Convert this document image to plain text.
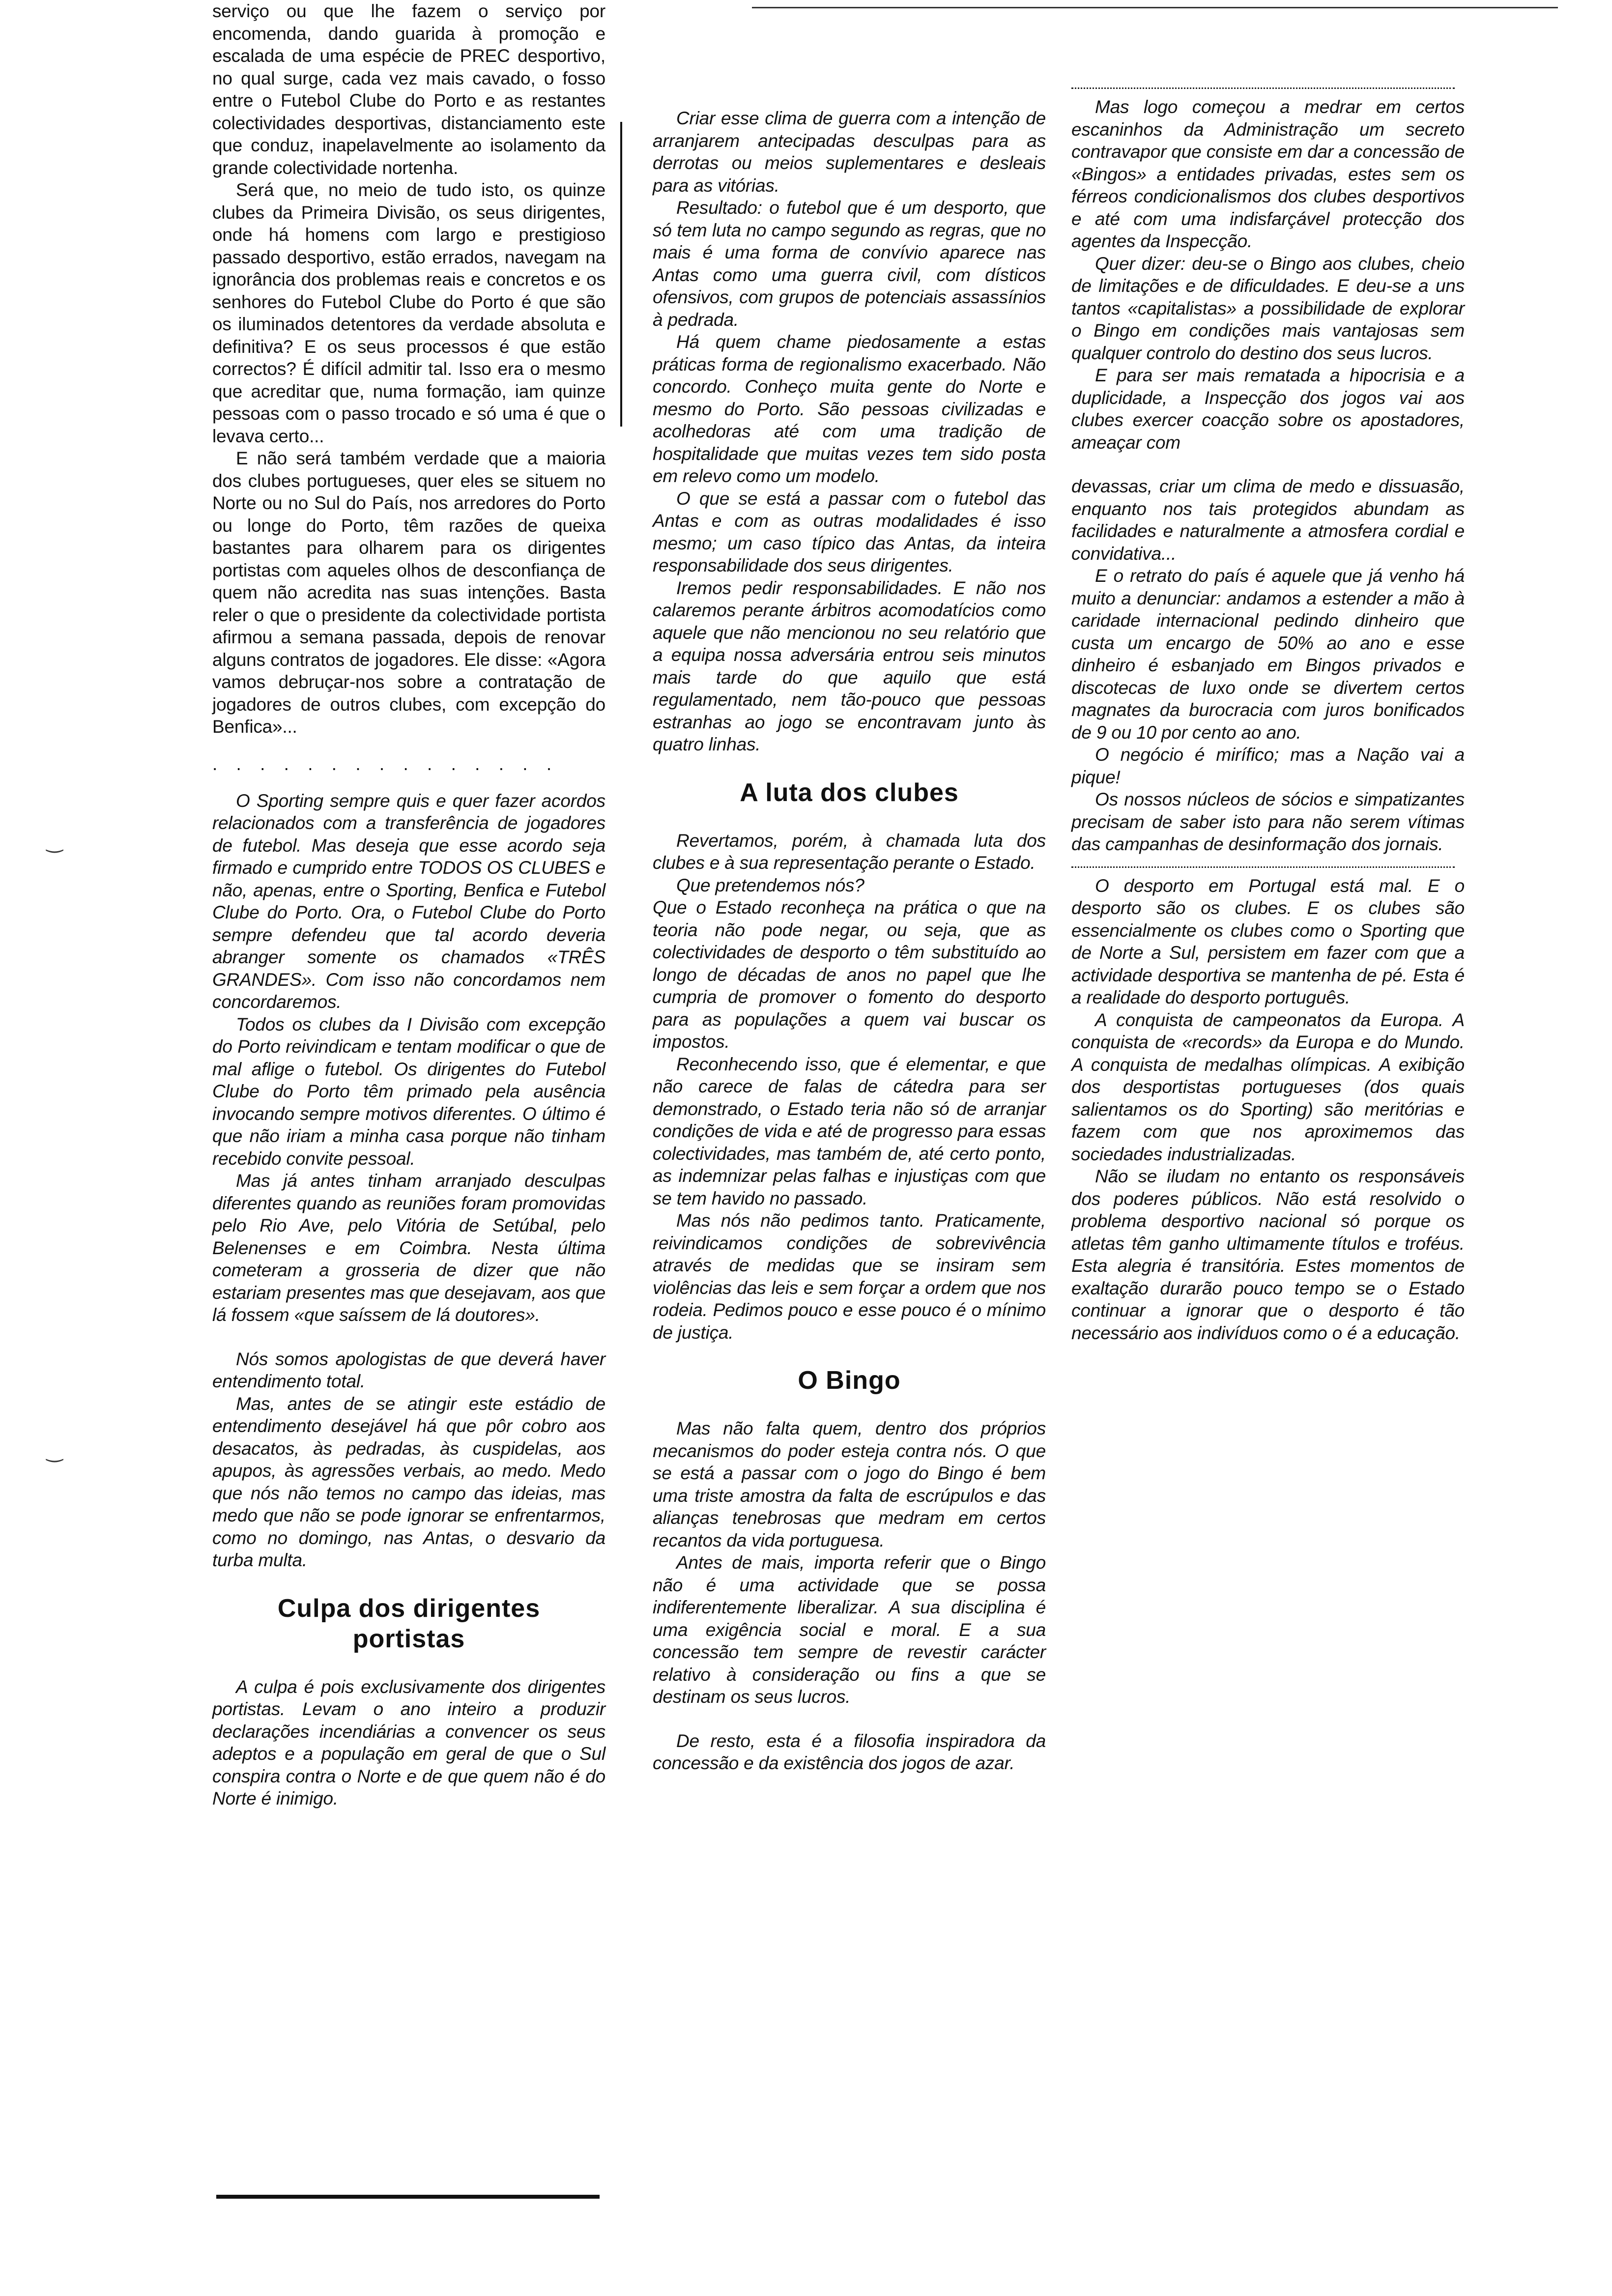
serviço ou que lhe fazem o serviço por encomenda, dando guarida à promoção e escalada de uma espécie de PREC desportivo, no qual surge, cada vez mais cavado, o fosso entre o Futebol Clube do Porto e as restantes colectividades desportivas, distanciamento este que conduz, inapelavelmente ao isolamento da grande colectividade nortenha.

Será que, no meio de tudo isto, os quinze clubes da Primeira Divisão, os seus dirigentes, onde há homens com largo e prestigioso passado desportivo, estão errados, navegam na ignorância dos problemas reais e concretos e os senhores do Futebol Clube do Porto é que são os iluminados detentores da verdade absoluta e definitiva? E os seus processos é que estão correctos? É difícil admitir tal. Isso era o mesmo que acreditar que, numa formação, iam quinze pessoas com o passo trocado e só uma é que o levava certo...

E não será também verdade que a maioria dos clubes portugueses, quer eles se situem no Norte ou no Sul do País, nos arredores do Porto ou longe do Porto, têm razões de queixa bastantes para olharem para os dirigentes portistas com aqueles olhos de desconfiança de quem não acredita nas suas intenções. Basta reler o que o presidente da colectividade portista afirmou a semana passada, depois de renovar alguns contratos de jogadores. Ele disse: «Agora vamos debruçar-nos sobre a contratação de jogadores de outros clubes, com excepção do Benfica»...

. . . . . . . . . . . . . . .

O Sporting sempre quis e quer fazer acordos relacionados com a transferência de jogadores de futebol. Mas deseja que esse acordo seja firmado e cumprido entre TODOS OS CLUBES e não, apenas, entre o Sporting, Benfica e Futebol Clube do Porto. Ora, o Futebol Clube do Porto sempre defendeu que tal acordo deveria abranger somente os chamados «TRÊS GRANDES». Com isso não concordamos nem concordaremos.

Todos os clubes da I Divisão com excepção do Porto reivindicam e tentam modificar o que de mal aflige o futebol. Os dirigentes do Futebol Clube do Porto têm primado pela ausência invocando sempre motivos diferentes. O último é que não iriam a minha casa porque não tinham recebido convite pessoal.

Mas já antes tinham arranjado desculpas diferentes quando as reuniões foram promovidas pelo Rio Ave, pelo Vitória de Setúbal, pelo Belenenses e em Coimbra. Nesta última cometeram a grosseria de dizer que não estariam presentes mas que desejavam, aos que lá fossem «que saíssem de lá doutores».

Nós somos apologistas de que deverá haver entendimento total.

Mas, antes de se atingir este estádio de entendimento desejável há que pôr cobro aos desacatos, às pedradas, às cuspidelas, aos apupos, às agressões verbais, ao medo. Medo que nós não temos no campo das ideias, mas medo que não se pode ignorar se enfrentarmos, como no domingo, nas Antas, o desvario da turba multa.

Culpa dos dirigentes portistas

A culpa é pois exclusivamente dos dirigentes portistas. Levam o ano inteiro a produzir declarações incendiárias a convencer os seus adeptos e a população em geral de que o Sul conspira contra o Norte e de que quem não é do Norte é inimigo.

Criar esse clima de guerra com a intenção de arranjarem antecipadas desculpas para as derrotas ou meios suplementares e desleais para as vitórias.

Resultado: o futebol que é um desporto, que só tem luta no campo segundo as regras, que no mais é uma forma de convívio aparece nas Antas como uma guerra civil, com dísticos ofensivos, com grupos de potenciais assassínios à pedrada.

Há quem chame piedosamente a estas práticas forma de regionalismo exacerbado. Não concordo. Conheço muita gente do Norte e mesmo do Porto. São pessoas civilizadas e acolhedoras até com uma tradição de hospitalidade que muitas vezes tem sido posta em relevo como um modelo.

O que se está a passar com o futebol das Antas e com as outras modalidades é isso mesmo; um caso típico das Antas, da inteira responsabilidade dos seus dirigentes.

Iremos pedir responsabilidades. E não nos calaremos perante árbitros acomodatícios como aquele que não mencionou no seu relatório que a equipa nossa adversária entrou seis minutos mais tarde do que aquilo que está regulamentado, nem tão-pouco que pessoas estranhas ao jogo se encontravam junto às quatro linhas.

A luta dos clubes

Revertamos, porém, à chamada luta dos clubes e à sua representação perante o Estado.

Que pretendemos nós?

Que o Estado reconheça na prática o que na teoria não pode negar, ou seja, que as colectividades de desporto o têm substituído ao longo de décadas de anos no papel que lhe cumpria de promover o fomento do desporto para as populações a quem vai buscar os impostos.

Reconhecendo isso, que é elementar, e que não carece de falas de cátedra para ser demonstrado, o Estado teria não só de arranjar condições de vida e até de progresso para essas colectividades, mas também de, até certo ponto, as indemnizar pelas falhas e injustiças com que se tem havido no passado.

Mas nós não pedimos tanto. Praticamente, reivindicamos condições de sobrevivência através de medidas que se insiram sem violências das leis e sem forçar a ordem que nos rodeia. Pedimos pouco e esse pouco é o mínimo de justiça.

O Bingo

Mas não falta quem, dentro dos próprios mecanismos do poder esteja contra nós. O que se está a passar com o jogo do Bingo é bem uma triste amostra da falta de escrúpulos e das alianças tenebrosas que medram em certos recantos da vida portuguesa.

Antes de mais, importa referir que o Bingo não é uma actividade que se possa indiferentemente liberalizar. A sua disciplina é uma exigência social e moral. E a sua concessão tem sempre de revestir carácter relativo à consideração ou fins a que se destinam os seus lucros.

De resto, esta é a filosofia inspiradora da concessão e da existência dos jogos de azar.

Mas logo começou a medrar em certos escaninhos da Administração um secreto contravapor que consiste em dar a concessão de «Bingos» a entidades privadas, estes sem os férreos condicionalismos dos clubes desportivos e até com uma indisfarçável protecção dos agentes da Inspecção.

Quer dizer: deu-se o Bingo aos clubes, cheio de limitações e de dificuldades. E deu-se a uns tantos «capitalistas» a possibilidade de explorar o Bingo em condições mais vantajosas sem qualquer controlo do destino dos seus lucros.

E para ser mais rematada a hipocrisia e a duplicidade, a Inspecção dos jogos vai aos clubes exercer coacção sobre os apostadores, ameaçar com

devassas, criar um clima de medo e dissuasão, enquanto nos tais protegidos abundam as facilidades e naturalmente a atmosfera cordial e convidativa...

E o retrato do país é aquele que já venho há muito a denunciar: andamos a estender a mão à caridade internacional pedindo dinheiro que custa um encargo de 50% ao ano e esse dinheiro é esbanjado em Bingos privados e discotecas de luxo onde se divertem certos magnates da burocracia com juros bonificados de 9 ou 10 por cento ao ano.

O negócio é mirífico; mas a Nação vai a pique!

Os nossos núcleos de sócios e simpatizantes precisam de saber isto para não serem vítimas das campanhas de desinformação dos jornais.

O desporto em Portugal está mal. E o desporto são os clubes. E os clubes são essencialmente os clubes como o Sporting que de Norte a Sul, persistem em fazer com que a actividade desportiva se mantenha de pé. Esta é a realidade do desporto português.

A conquista de campeonatos da Europa. A conquista de «records» da Europa e do Mundo. A conquista de medalhas olímpicas. A exibição dos desportistas portugueses (dos quais salientamos os do Sporting) são meritórias e fazem com que nos aproximemos das sociedades industrializadas.

Não se iludam no entanto os responsáveis dos poderes públicos. Não está resolvido o problema desportivo nacional só porque os atletas têm ganho ultimamente títulos e troféus. Esta alegria é transitória. Estes momentos de exaltação durarão pouco tempo se o Estado continuar a ignorar que o desporto é tão necessário aos indivíduos como o é a educação.

‿
‿
